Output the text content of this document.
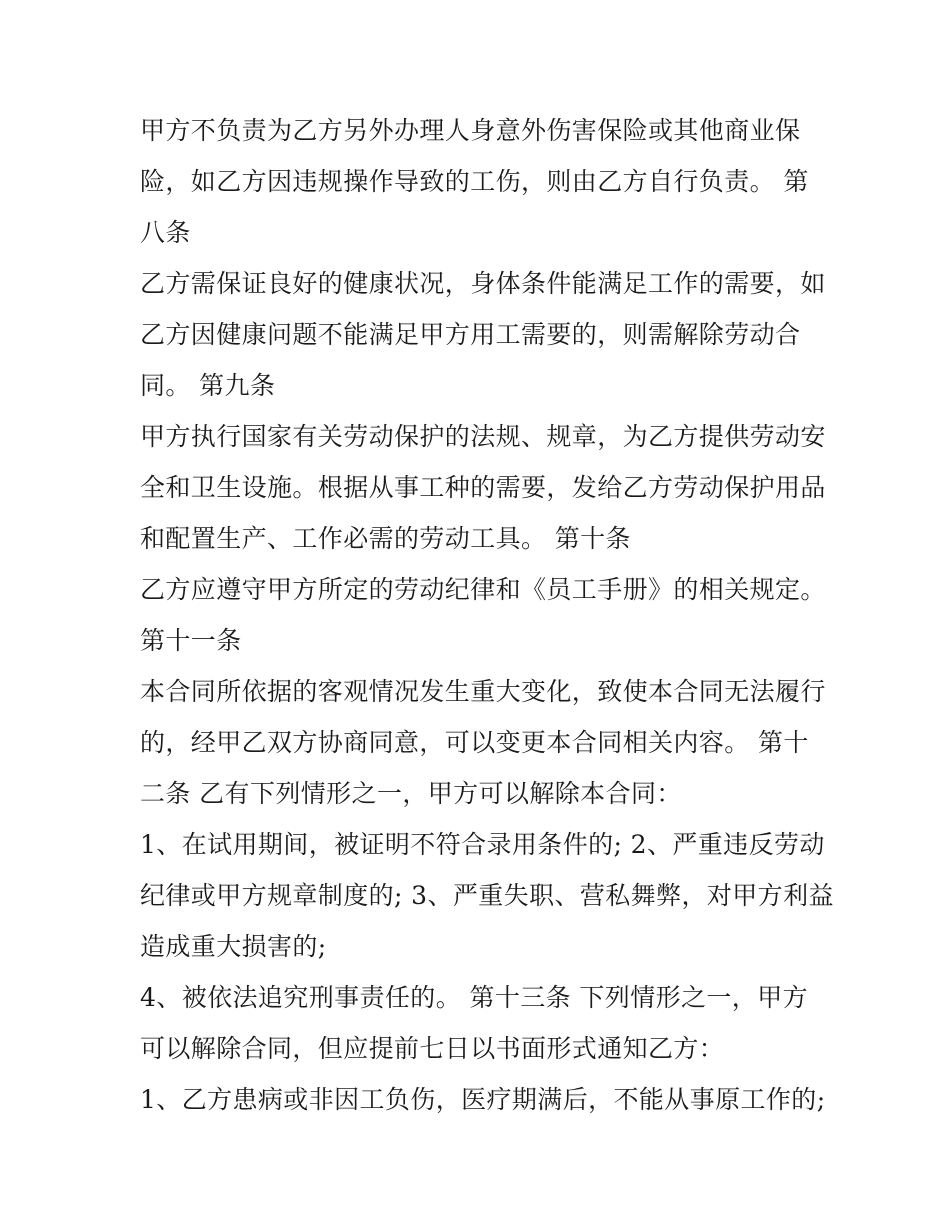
甲方不负责为乙方另外办理人身意外伤害保险或其他商业保
险，如乙方因违规操作导致的工伤，则由乙方自行负责。 第
八条
乙方需保证良好的健康状况，身体条件能满足工作的需要，如
乙方因健康问题不能满足甲方用工需要的，则需解除劳动合
同。 第九条
甲方执行国家有关劳动保护的法规、规章，为乙方提供劳动安
全和卫生设施。根据从事工种的需要，发给乙方劳动保护用品
和配置生产、工作必需的劳动工具。 第十条
乙方应遵守甲方所定的劳动纪律和《员工手册》的相关规定。
第十一条
本合同所依据的客观情况发生重大变化，致使本合同无法履行
的，经甲乙双方协商同意，可以变更本合同相关内容。 第十
二条 乙有下列情形之一，甲方可以解除本合同：
1、在试用期间，被证明不符合录用条件的; 2、严重违反劳动
纪律或甲方规章制度的; 3、严重失职、营私舞弊，对甲方利益
造成重大损害的;
4、被依法追究刑事责任的。 第十三条 下列情形之一，甲方
可以解除合同，但应提前七日以书面形式通知乙方：
1、乙方患病或非因工负伤，医疗期满后，不能从事原工作的;
